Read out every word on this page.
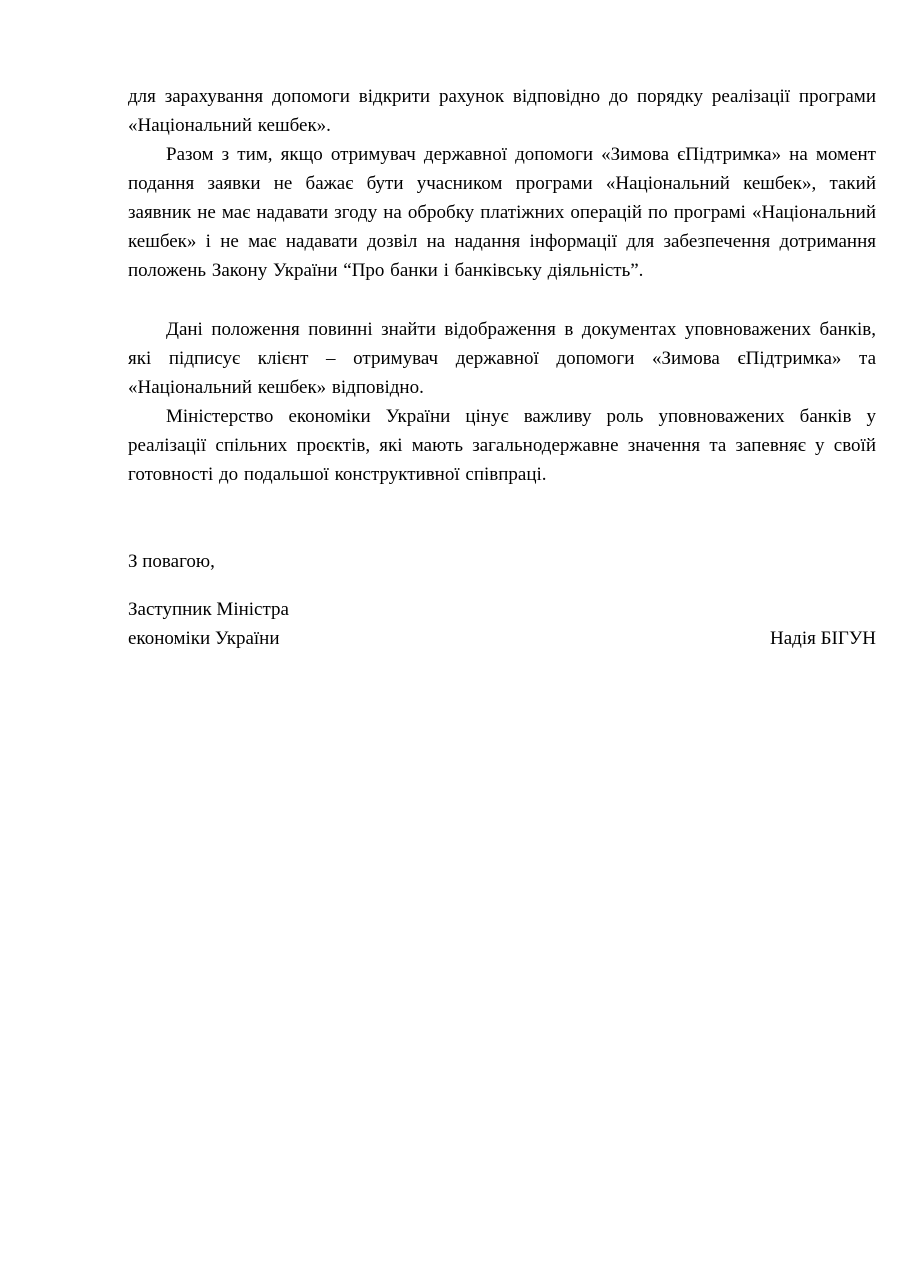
для зарахування допомоги відкрити рахунок відповідно до порядку реалізації програми «Національний кешбек».

Разом з тим, якщо отримувач державної допомоги «Зимова єПідтримка» на момент подання заявки не бажає бути учасником програми «Національний кешбек», такий заявник не має надавати згоду на обробку платіжних операцій по програмі «Національний кешбек» і не має надавати дозвіл на надання інформації для забезпечення дотримання положень Закону України “Про банки і банківську діяльність”.

Дані положення повинні знайти відображення в документах уповноважених банків, які підписує клієнт – отримувач державної допомоги «Зимова єПідтримка» та «Національний кешбек» відповідно.

Міністерство економіки України цінує важливу роль уповноважених банків у реалізації спільних проєктів, які мають загальнодержавне значення та запевняє у своїй готовності до подальшої конструктивної співпраці.

З повагою,

Заступник Міністра
економіки України	Надія БІГУН
